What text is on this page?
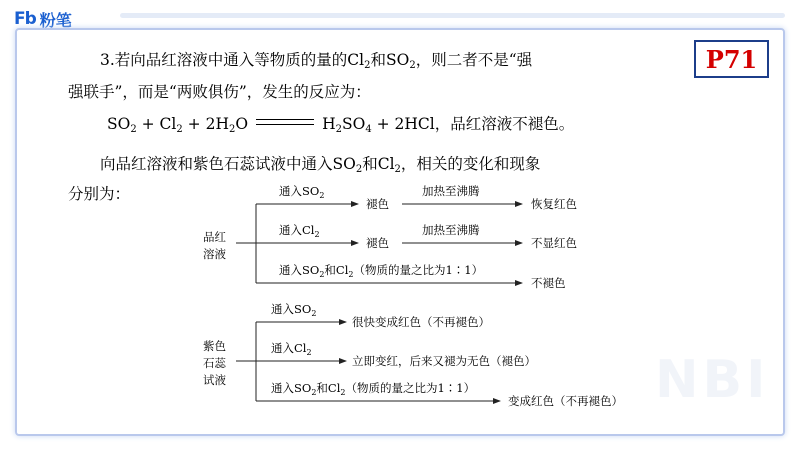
Fb 粉笔
NBI
P71
3.若向品红溶液中通入等物质的量的$Cl_2$和$SO_2$，则二者不是“强
强联手”，而是“两败俱伤”，发生的反应为：
$SO_2 + Cl_2 + 2H_2O$	$H_2SO_4 + 2HCl$，品红溶液不褪色。
向品红溶液和紫色石蕊试液中通入$SO_2$和$Cl_2$，相关的变化和现象
分别为：
品红
溶液
通入$SO_2$
褪色
加热至沸腾
恢复红色
通入$Cl_2$
褪色
加热至沸腾
不显红色
通入$SO_2$和$Cl_2$（物质的量之比为1∶1）
不褪色
紫色
石蕊
试液
通入$SO_2$
很快变成红色（不再褪色）
通入$Cl_2$
立即变红，后来又褪为无色（褪色）
通入$SO_2$和$Cl_2$（物质的量之比为1∶1）
变成红色（不再褪色）
